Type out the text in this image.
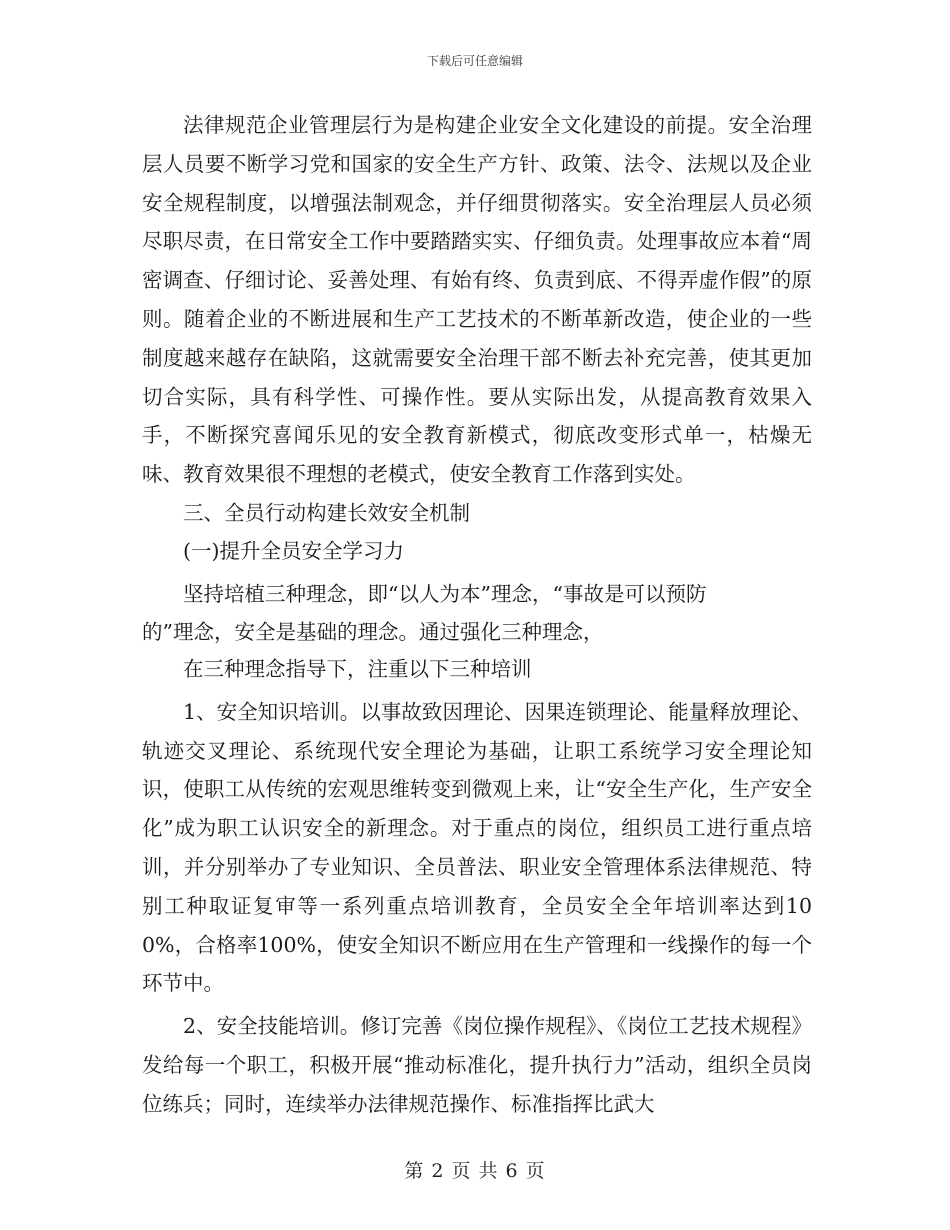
下载后可任意编辑

法律规范企业管理层行为是构建企业安全文化建设的前提。安全治理层人员要不断学习党和国家的安全生产方针、政策、法令、法规以及企业安全规程制度，以增强法制观念，并仔细贯彻落实。安全治理层人员必须尽职尽责，在日常安全工作中要踏踏实实、仔细负责。处理事故应本着“周密调查、仔细讨论、妥善处理、有始有终、负责到底、不得弄虚作假”的原则。随着企业的不断进展和生产工艺技术的不断革新改造，使企业的一些制度越来越存在缺陷，这就需要安全治理干部不断去补充完善，使其更加切合实际，具有科学性、可操作性。要从实际出发，从提高教育效果入手，不断探究喜闻乐见的安全教育新模式，彻底改变形式单一，枯燥无味、教育效果很不理想的老模式，使安全教育工作落到实处。

三、全员行动构建长效安全机制

(一)提升全员安全学习力

坚持培植三种理念，即“以人为本”理念，“事故是可以预防

的”理念，安全是基础的理念。通过强化三种理念，

在三种理念指导下，注重以下三种培训

1、安全知识培训。以事故致因理论、因果连锁理论、能量释放理论、轨迹交叉理论、系统现代安全理论为基础，让职工系统学习安全理论知识，使职工从传统的宏观思维转变到微观上来，让“安全生产化，生产安全化”成为职工认识安全的新理念。对于重点的岗位，组织员工进行重点培训，并分别举办了专业知识、全员普法、职业安全管理体系法律规范、特别工种取证复审等一系列重点培训教育，全员安全全年培训率达到100%，合格率100%，使安全知识不断应用在生产管理和一线操作的每一个环节中。

2、安全技能培训。修订完善《岗位操作规程》、《岗位工艺技术规程》发给每一个职工，积极开展“推动标准化，提升执行力”活动，组织全员岗位练兵；同时，连续举办法律规范操作、标准指挥比武大

第 2 页 共 6 页
